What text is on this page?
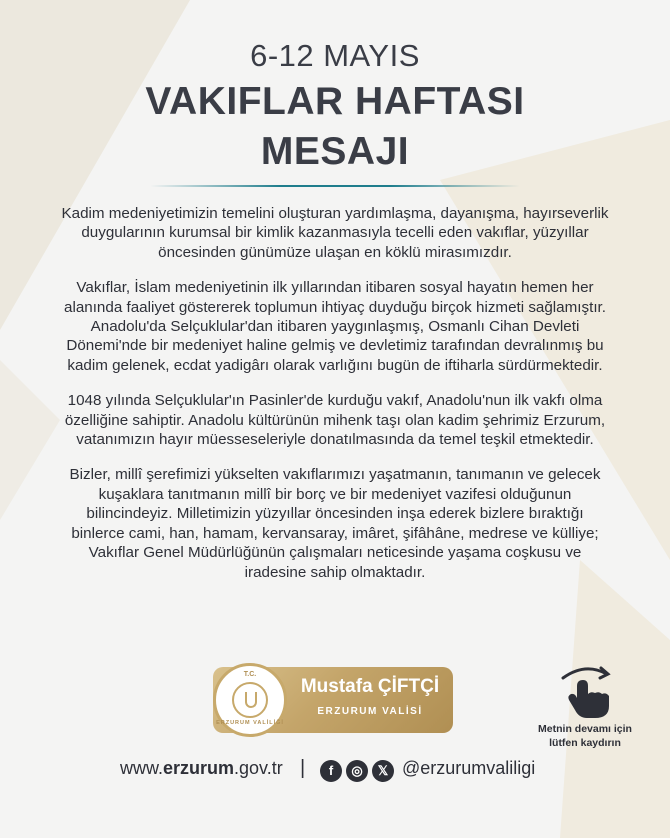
6-12 MAYIS
VAKIFLAR HAFTASI
MESAJI

Kadim medeniyetimizin temelini oluşturan yardımlaşma, dayanışma, hayırseverlik duygularının kurumsal bir kimlik kazanmasıyla tecelli eden vakıflar, yüzyıllar öncesinden günümüze ulaşan en köklü mirasımızdır.

Vakıflar, İslam medeniyetinin ilk yıllarından itibaren sosyal hayatın hemen her alanında faaliyet göstererek toplumun ihtiyaç duyduğu birçok hizmeti sağlamıştır. Anadolu'da Selçuklular'dan itibaren yaygınlaşmış, Osmanlı Cihan Devleti Dönemi'nde bir medeniyet haline gelmiş ve devletimiz tarafından devralınmış bu kadim gelenek, ecdat yadigârı olarak varlığını bugün de iftiharla sürdürmektedir.

1048 yılında Selçuklular'ın Pasinler'de kurduğu vakıf, Anadolu'nun ilk vakfı olma özelliğine sahiptir. Anadolu kültürünün mihenk taşı olan kadim şehrimiz Erzurum, vatanımızın hayır müesseseleriyle donatılmasında da temel teşkil etmektedir.

Bizler, millî şerefimizi yükselten vakıflarımızı yaşatmanın, tanımanın ve gelecek kuşaklara tanıtmanın millî bir borç ve bir medeniyet vazifesi olduğunun bilincindeyiz. Milletimizin yüzyıllar öncesinden inşa ederek bizlere bıraktığı binlerce cami, han, hamam, kervansaray, imâret, şifâhâne, medrese ve külliye; Vakıflar Genel Müdürlüğünün çalışmaları neticesinde yaşama coşkusu ve iradesine sahip olmaktadır.

T.C.
ERZURUM VALİLİĞİ
Mustafa ÇİFTÇİ
ERZURUM VALİSİ
Metnin devamı için
lütfen kaydırın
www.erzurum.gov.tr |	f	◎	𝕏 @erzurumvaliligi
